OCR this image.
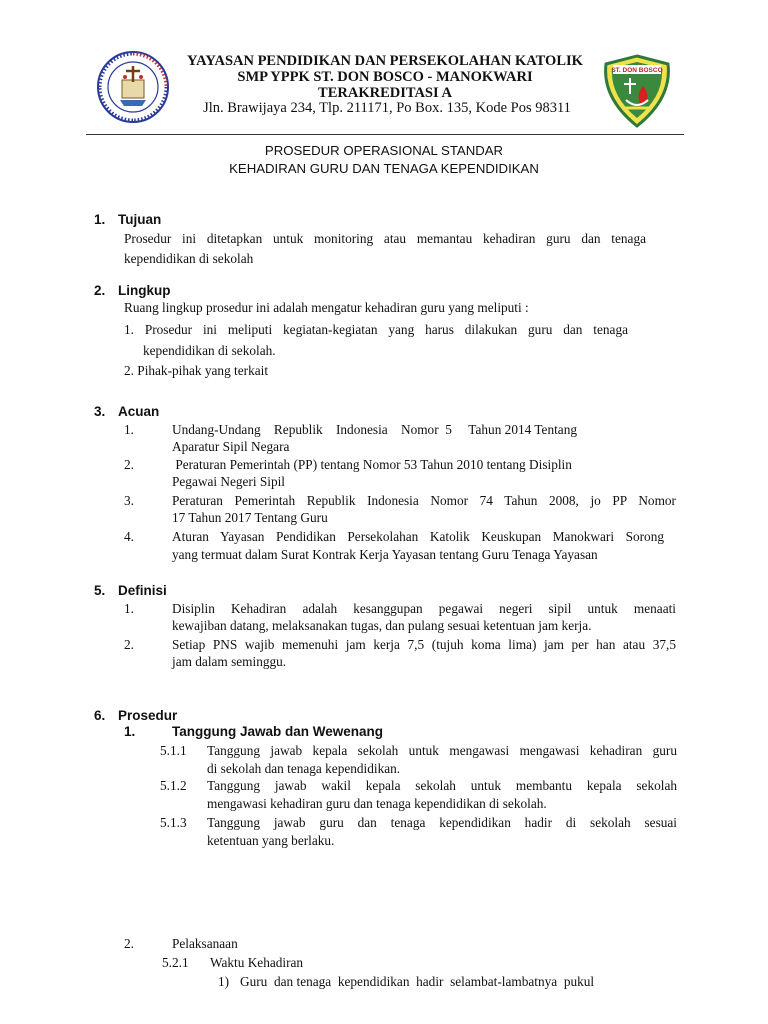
ST. DON BOSCO
YAYASAN PENDIDIKAN DAN PERSEKOLAHAN KATOLIK
SMP YPPK ST. DON BOSCO - MANOKWARI
TERAKREDITASI A
Jln. Brawijaya 234, Tlp. 211171, Po Box. 135, Kode Pos 98311
PROSEDUR OPERASIONAL STANDAR
KEHADIRAN GURU DAN TENAGA KEPENDIDIKAN
1. Tujuan
Prosedur ini ditetapkan untuk monitoring atau memantau kehadiran guru dan tenaga
kependidikan di sekolah
2. Lingkup
Ruang lingkup prosedur ini adalah mengatur kehadiran guru yang meliputi :
1. Prosedur ini meliputi kegiatan-kegiatan yang harus dilakukan guru dan tenaga
kependidikan di sekolah.
2. Pihak-pihak yang terkait
3. Acuan
1.	Undang-Undang    Republik    Indonesia    Nomor  5     Tahun 2014 Tentang
Aparatur Sipil Negara
2.	Peraturan Pemerintah (PP) tentang Nomor 53 Tahun 2010 tentang Disiplin
Pegawai Negeri Sipil
3.	Peraturan Pemerintah Republik Indonesia Nomor 74 Tahun 2008, jo PP Nomor
17 Tahun 2017 Tentang Guru
4.	Aturan Yayasan Pendidikan Persekolahan Katolik Keuskupan Manokwari Sorong
yang termuat dalam Surat Kontrak Kerja Yayasan tentang Guru Tenaga Yayasan
5. Definisi
1.	Disiplin Kehadiran adalah kesanggupan pegawai negeri sipil untuk menaati
kewajiban datang, melaksanakan tugas, dan pulang sesuai ketentuan jam kerja.
2.	Setiap PNS wajib memenuhi jam kerja 7,5 (tujuh koma lima) jam per han atau 37,5
jam dalam seminggu.
6. Prosedur
1.	Tanggung Jawab dan Wewenang
5.1.1 Tanggung jawab kepala sekolah untuk mengawasi mengawasi kehadiran guru
di sekolah dan tenaga kependidikan.
5.1.2 Tanggung jawab wakil kepala sekolah untuk membantu kepala sekolah
mengawasi kehadiran guru dan tenaga kependidikan di sekolah.
5.1.3 Tanggung jawab guru dan tenaga kependidikan hadir di sekolah sesuai
ketentuan yang berlaku.
2.	Pelaksanaan
5.2.1 Waktu Kehadiran
1) Guru  dan tenaga  kependidikan  hadir  selambat-lambatnya  pukul
